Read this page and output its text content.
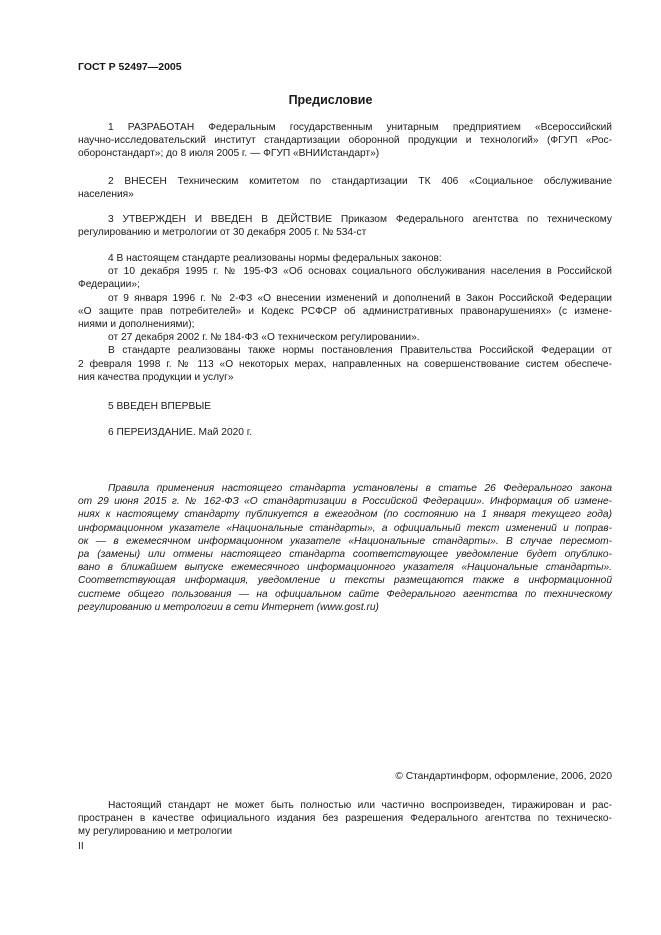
ГОСТ Р 52497—2005
Предисловие
1 РАЗРАБОТАН Федеральным государственным унитарным предприятием «Всероссийский
научно-исследовательский институт стандартизации оборонной продукции и технологий» (ФГУП «Рос-
оборонстандарт»; до 8 июля 2005 г. — ФГУП «ВНИИстандарт»)
2 ВНЕСЕН Техническим комитетом по стандартизации ТК 406 «Социальное обслуживание
населения»
3 УТВЕРЖДЕН И ВВЕДЕН В ДЕЙСТВИЕ Приказом Федерального агентства по техническому
регулированию и метрологии от 30 декабря 2005 г. № 534-ст
4 В настоящем стандарте реализованы нормы федеральных законов:
от 10 декабря 1995 г. № 195-ФЗ «Об основах социального обслуживания населения в Российской
Федерации»;
от 9 января 1996 г. № 2-ФЗ «О внесении изменений и дополнений в Закон Российской Федерации
«О защите прав потребителей» и Кодекс РСФСР об административных правонарушениях» (с измене-
ниями и дополнениями);
от 27 декабря 2002 г. № 184-ФЗ «О техническом регулировании».
В стандарте реализованы также нормы постановления Правительства Российской Федерации от
2 февраля 1998 г. № 113 «О некоторых мерах, направленных на совершенствование систем обеспече-
ния качества продукции и услуг»
5 ВВЕДЕН ВПЕРВЫЕ
6 ПЕРЕИЗДАНИЕ. Май 2020 г.
Правила применения настоящего стандарта установлены в статье 26 Федерального закона
от 29 июня 2015 г. № 162-ФЗ «О стандартизации в Российской Федерации». Информация об измене-
ниях к настоящему стандарту публикуется в ежегодном (по состоянию на 1 января текущего года)
информационном указателе «Национальные стандарты», а официальный текст изменений и поправ-
ок — в ежемесячном информационном указателе «Национальные стандарты». В случае пересмот-
ра (замены) или отмены настоящего стандарта соответствующее уведомление будет опублико-
вано в ближайшем выпуске ежемесячного информационного указателя «Национальные стандарты».
Соответствующая информация, уведомление и тексты размещаются также в информационной
системе общего пользования — на официальном сайте Федерального агентства по техническому
регулированию и метрологии в сети Интернет (www.gost.ru)
© Стандартинформ, оформление, 2006, 2020
Настоящий стандарт не может быть полностью или частично воспроизведен, тиражирован и рас-
пространен в качестве официального издания без разрешения Федерального агентства по техническо-
му регулированию и метрологии
II
